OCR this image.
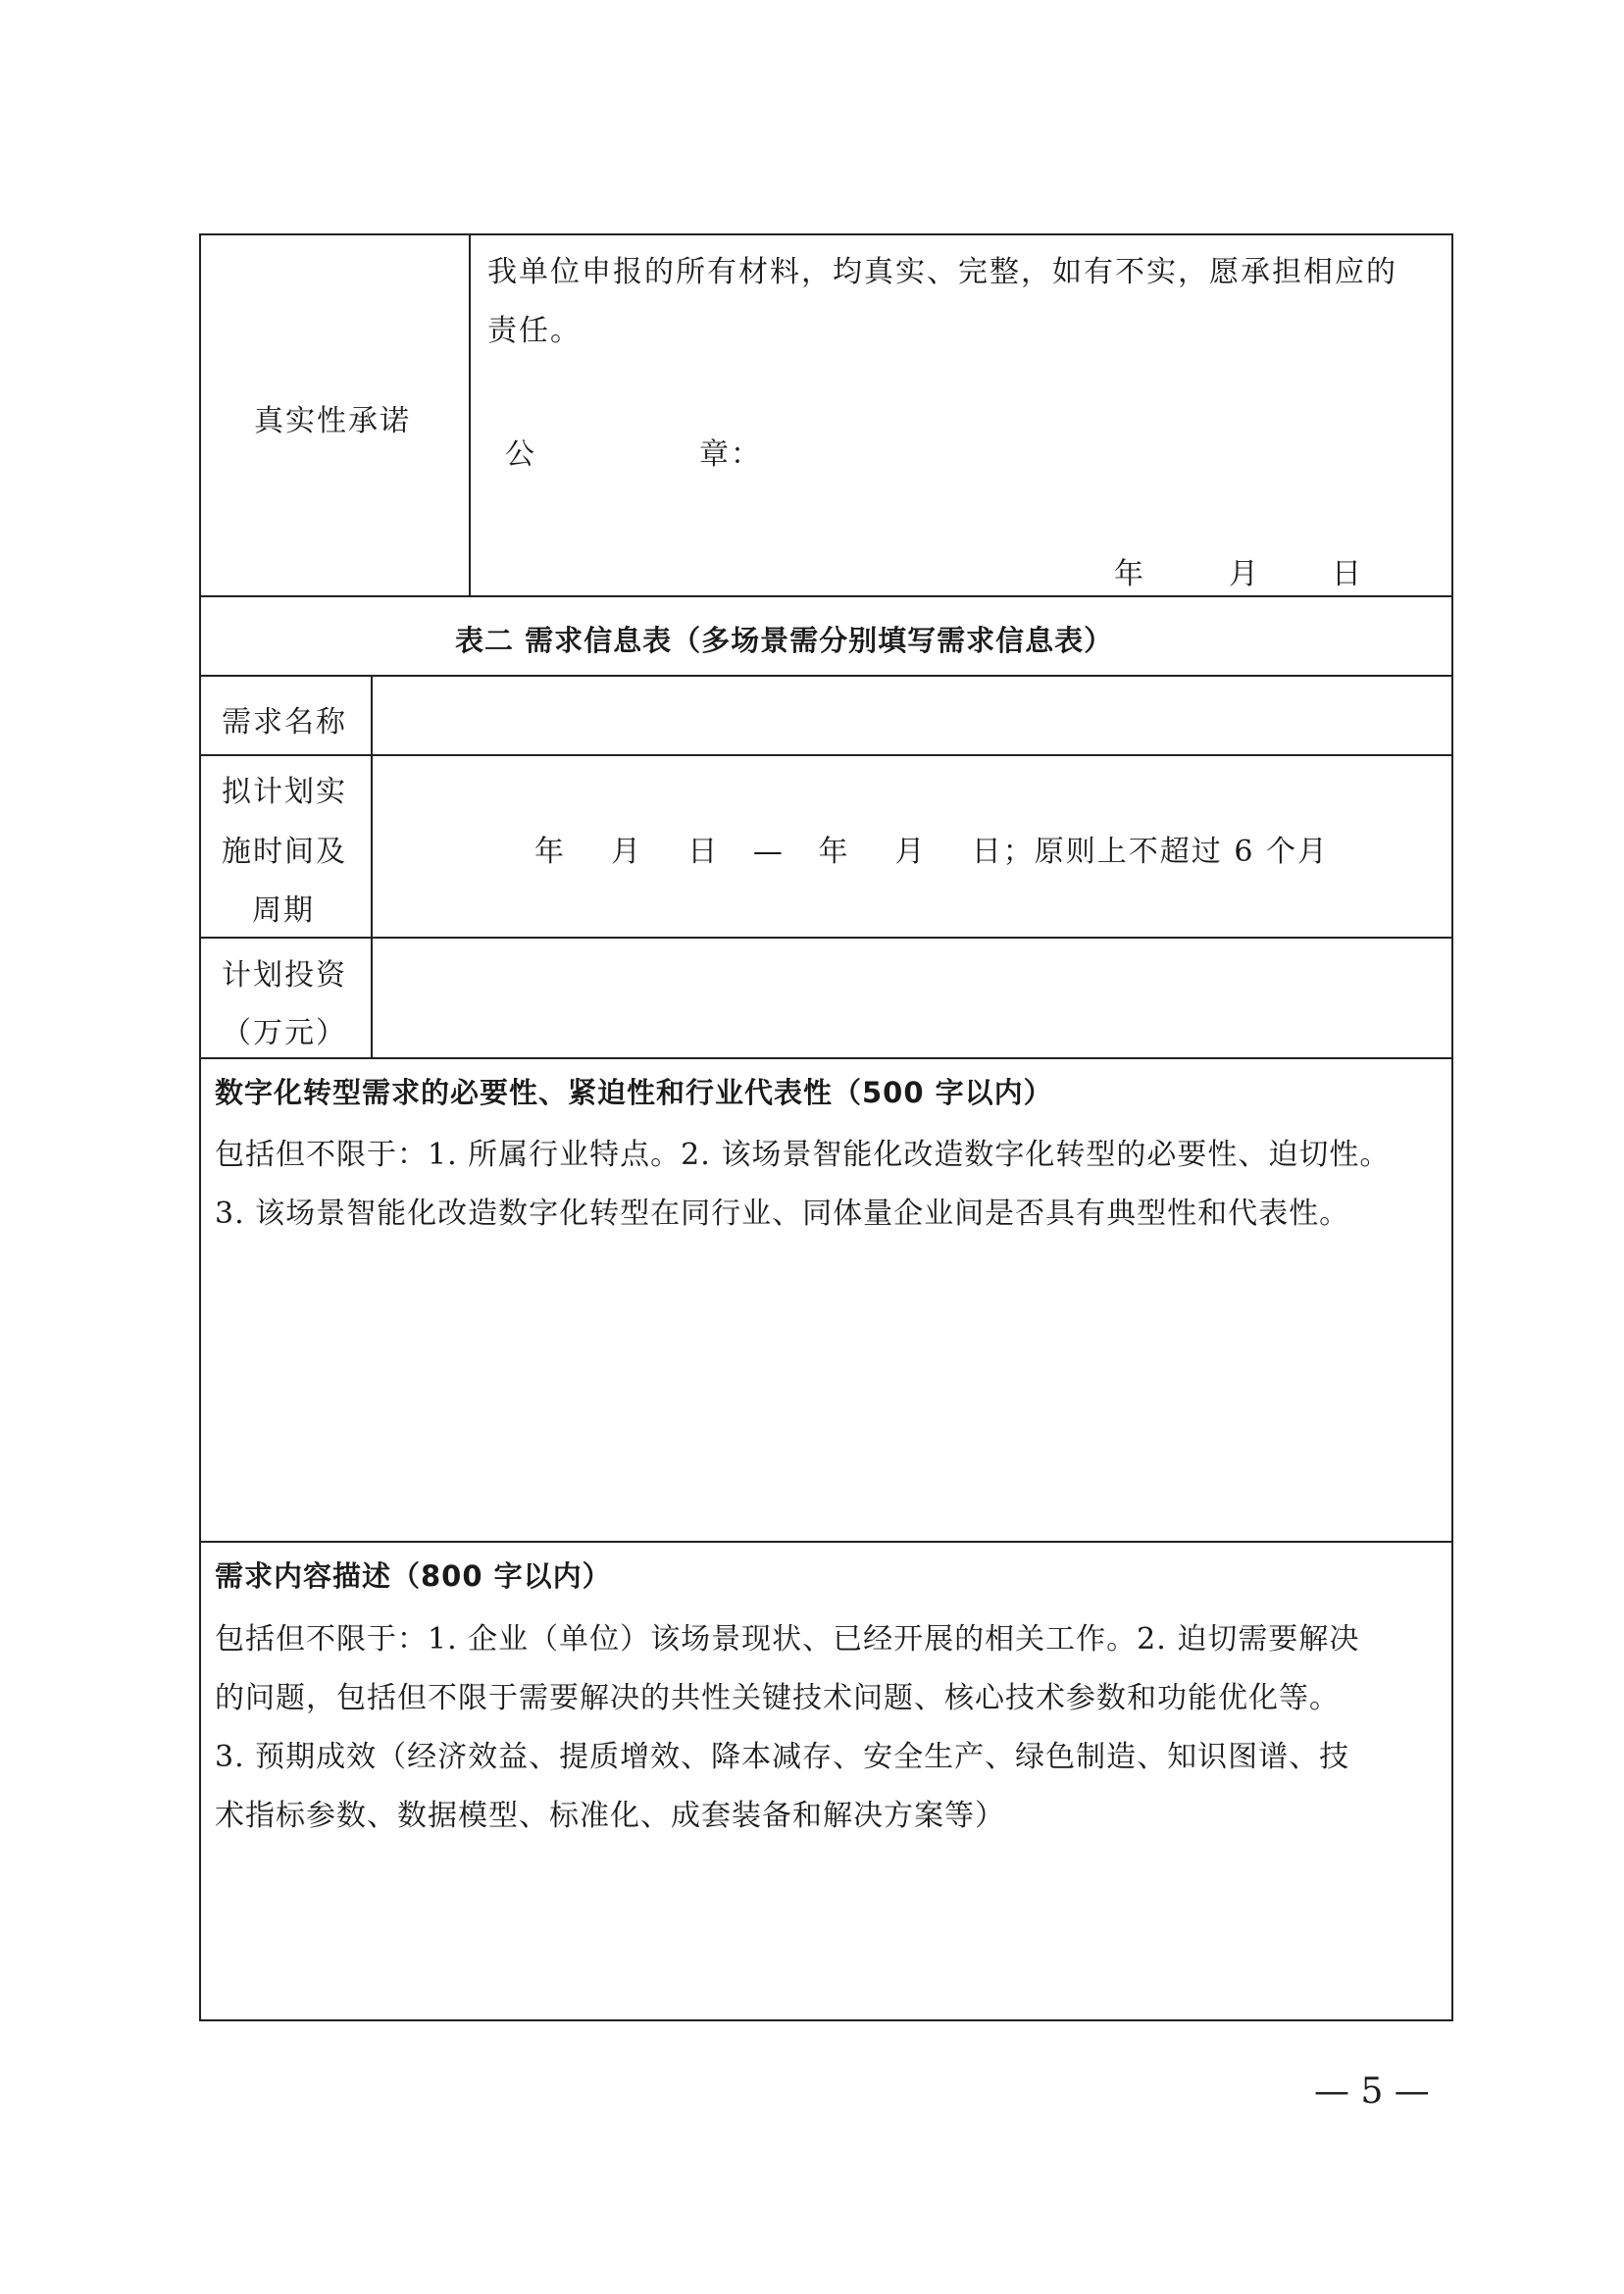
真实性承诺
我单位申报的所有材料，均真实、完整，如有不实，愿承担相应的
责任。
公	章：
年	月 日
表二 需求信息表（多场景需分别填写需求信息表）
需求名称
拟计划实
施时间及
周期
年    月    日   —   年    月    日；原则上不超过 6 个月
计划投资
（万元）
数字化转型需求的必要性、紧迫性和行业代表性（500 字以内）
包括但不限于：1. 所属行业特点。2. 该场景智能化改造数字化转型的必要性、迫切性。
3. 该场景智能化改造数字化转型在同行业、同体量企业间是否具有典型性和代表性。
需求内容描述（800 字以内）
包括但不限于：1. 企业（单位）该场景现状、已经开展的相关工作。2. 迫切需要解决
的问题，包括但不限于需要解决的共性关键技术问题、核心技术参数和功能优化等。
3. 预期成效（经济效益、提质增效、降本减存、安全生产、绿色制造、知识图谱、技
术指标参数、数据模型、标准化、成套装备和解决方案等）
— 5 —
